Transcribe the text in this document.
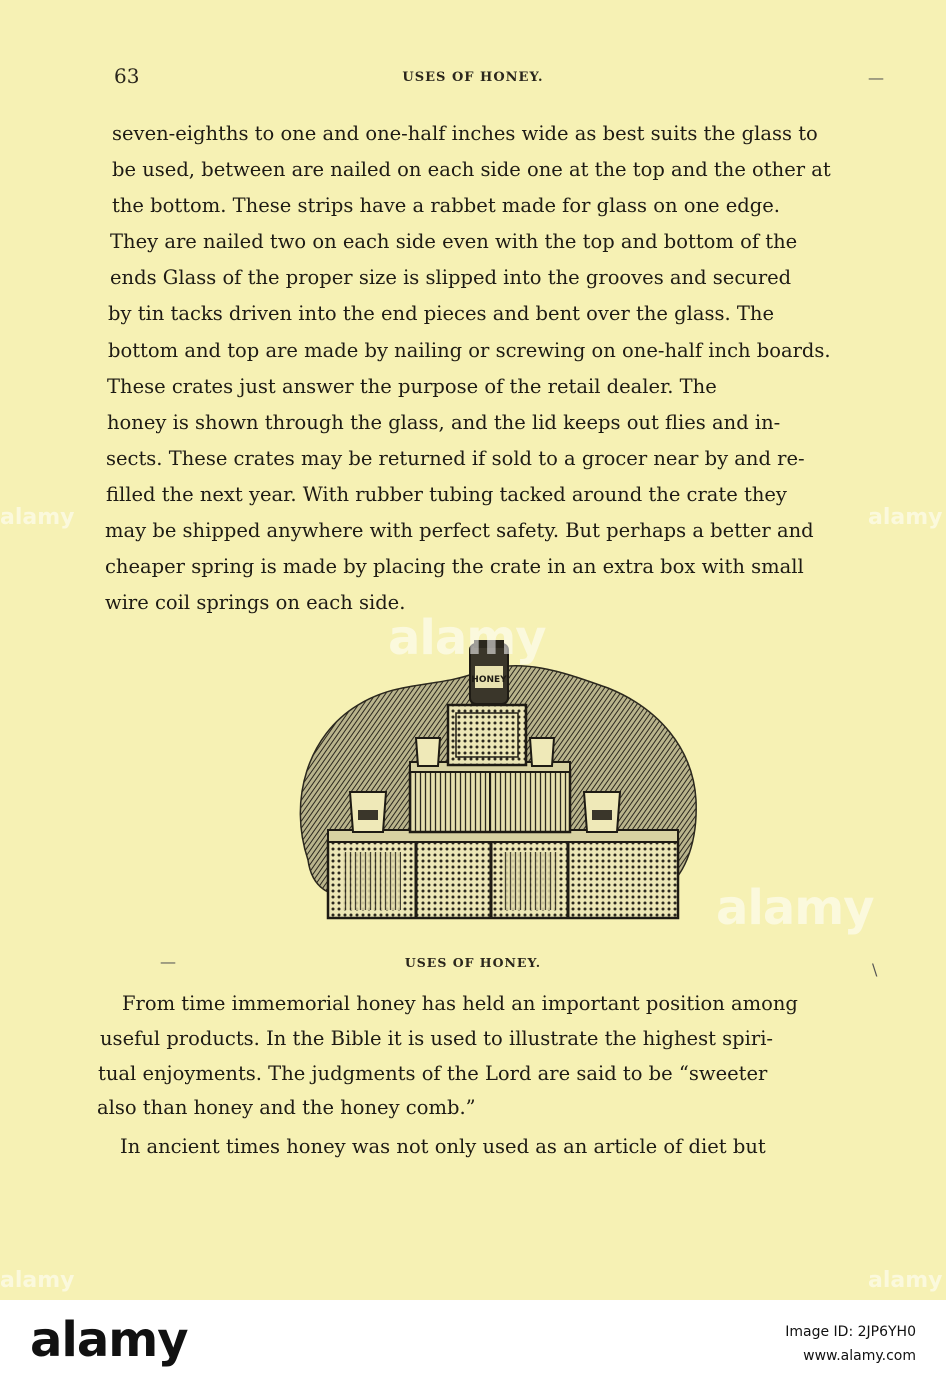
63	USES OF HONEY.	—
seven-eighths to one and one-half inches wide as best suits the glass to
be used, between are nailed on each side one at the top and the other at
the bottom. These strips have a rabbet made for glass on one edge.
They are nailed two on each side even with the top and bottom of the
ends Glass of the proper size is slipped into the grooves and secured
by tin tacks driven into the end pieces and bent over the glass. The
bottom and top are made by nailing or screwing on one-half inch boards.
These crates just answer the purpose of the retail dealer. The
honey is shown through the glass, and the lid keeps out flies and in-
sects. These crates may be returned if sold to a grocer near by and re-
filled the next year. With rubber tubing tacked around the crate they
may be shipped anywhere with perfect safety. But perhaps a better and
cheaper spring is made by placing the crate in an extra box with small
wire coil springs on each side.
HONEY
USES OF HONEY.
—	\
From time immemorial honey has held an important position among
useful products. In the Bible it is used to illustrate the highest spiri-
tual enjoyments. The judgments of the Lord are said to be “sweeter
also than honey and the honey comb.”
In ancient times honey was not only used as an article of diet but
alamy	alamy
alamy
alamy
alamy	alamy
alamy	Image ID: 2JP6YH0
www.alamy.com
